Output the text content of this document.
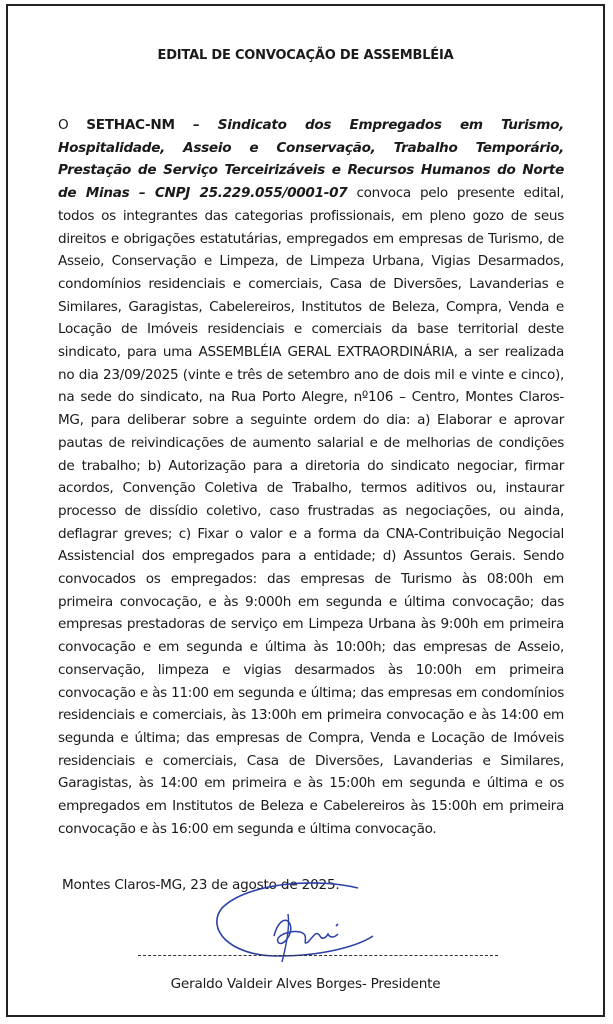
EDITAL DE CONVOCAÇÃO DE ASSEMBLÉIA
O SETHAC-NM – Sindicato dos Empregados em Turismo, Hospitalidade, Asseio e Conservação, Trabalho Temporário, Prestação de Serviço Terceirizáveis e Recursos Humanos do Norte de Minas – CNPJ 25.229.055/0001-07 convoca pelo presente edital, todos os integrantes das categorias profissionais, em pleno gozo de seus direitos e obrigações estatutárias, empregados em empresas de Turismo, de Asseio, Conservação e Limpeza, de Limpeza Urbana, Vigias Desarmados, condomínios residenciais e comerciais, Casa de Diversões, Lavanderias e Similares, Garagistas, Cabelereiros, Institutos de Beleza, Compra, Venda e Locação de Imóveis residenciais e comerciais da base territorial deste sindicato, para uma ASSEMBLÉIA GERAL EXTRAORDINÁRIA, a ser realizada no dia 23/09/2025 (vinte e três de setembro ano de dois mil e vinte e cinco), na sede do sindicato, na Rua Porto Alegre, nº106 – Centro, Montes Claros-MG, para deliberar sobre a seguinte ordem do dia: a) Elaborar e aprovar pautas de reivindicações de aumento salarial e de melhorias de condições de trabalho; b) Autorização para a diretoria do sindicato negociar, firmar acordos, Convenção Coletiva de Trabalho, termos aditivos ou, instaurar processo de dissídio coletivo, caso frustradas as negociações, ou ainda, deflagrar greves; c) Fixar o valor e a forma da CNA-Contribuição Negocial Assistencial dos empregados para a entidade; d) Assuntos Gerais. Sendo convocados os empregados: das empresas de Turismo às 08:00h em primeira convocação, e às 9:000h em segunda e última convocação; das empresas prestadoras de serviço em Limpeza Urbana às 9:00h em primeira convocação e em segunda e última às 10:00h; das empresas de Asseio, conservação, limpeza e vigias desarmados às 10:00h em primeira convocação e às 11:00 em segunda e última; das empresas em condomínios residenciais e comerciais, às 13:00h em primeira convocação e às 14:00 em segunda e última; das empresas de Compra, Venda e Locação de Imóveis residenciais e comerciais, Casa de Diversões, Lavanderias e Similares, Garagistas, às 14:00 em primeira e às 15:00h em segunda e última e os empregados em Institutos de Beleza e Cabelereiros às 15:00h em primeira convocação e às 16:00 em segunda e última convocação.
Montes Claros-MG, 23 de agosto de 2025.
Geraldo Valdeir Alves Borges- Presidente
